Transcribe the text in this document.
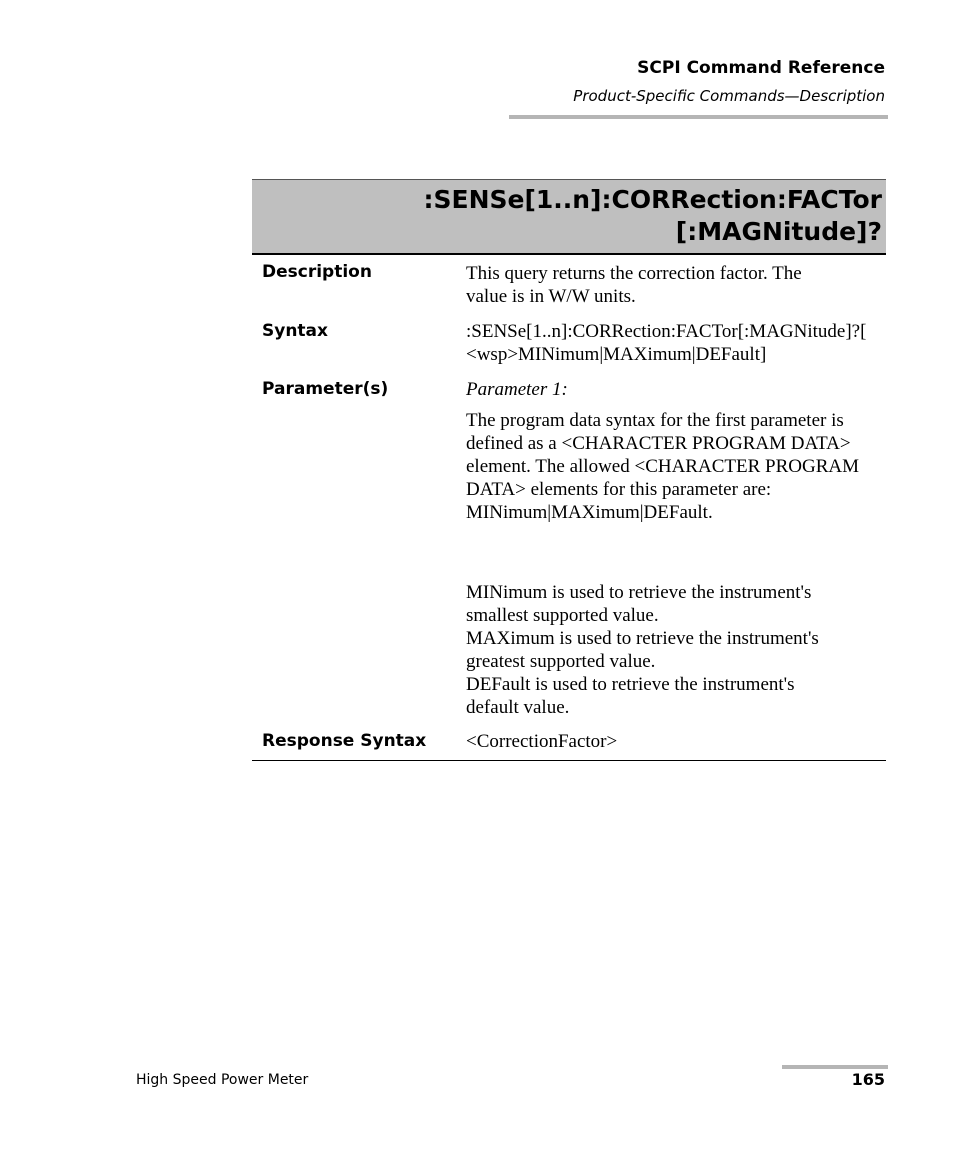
SCPI Command Reference
Product-Specific Commands—Description
:SENSe[1..n]:CORRection:FACTor
[:MAGNitude]?
Description	This query returns the correction factor. The
value is in W/W units.
Syntax	:SENSe[1..n]:CORRection:FACTor[:MAGNitude]?[
<wsp>MINimum|MAXimum|DEFault]
Parameter(s)	Parameter 1:
The program data syntax for the first parameter is
defined as a <CHARACTER PROGRAM DATA>
element. The allowed <CHARACTER PROGRAM
DATA> elements for this parameter are:
MINimum|MAXimum|DEFault.
MINimum is used to retrieve the instrument's
smallest supported value.
MAXimum is used to retrieve the instrument's
greatest supported value.
DEFault is used to retrieve the instrument's
default value.
Response Syntax <CorrectionFactor>
High Speed Power Meter	165
